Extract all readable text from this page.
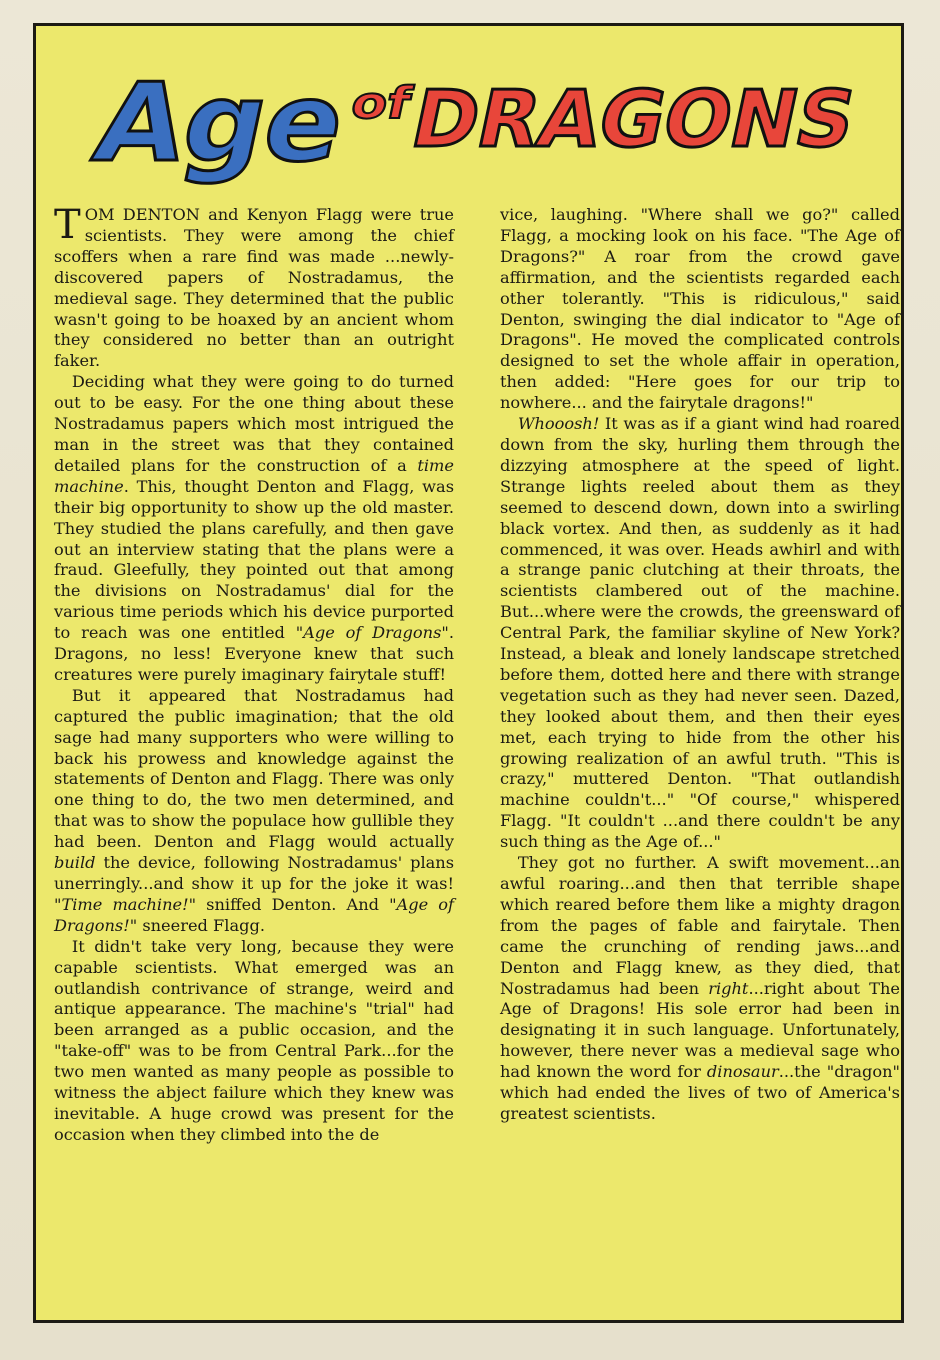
Age of
DRAGONS

TOM DENTON and Kenyon Flagg were true scientists. They were among the chief scoffers when a rare find was made ...newly-discovered papers of Nostradamus, the medieval sage. They determined that the public wasn't going to be hoaxed by an ancient whom they considered no better than an outright faker.

Deciding what they were going to do turned out to be easy. For the one thing about these Nostradamus papers which most intrigued the man in the street was that they contained detailed plans for the construction of a time machine. This, thought Denton and Flagg, was their big opportunity to show up the old master. They studied the plans carefully, and then gave out an interview stating that the plans were a fraud. Gleefully, they pointed out that among the divisions on Nostradamus' dial for the various time periods which his device purported to reach was one entitled "Age of Dragons". Dragons, no less! Everyone knew that such creatures were purely imaginary fairytale stuff!

But it appeared that Nostradamus had captured the public imagination; that the old sage had many supporters who were willing to back his prowess and knowledge against the statements of Denton and Flagg. There was only one thing to do, the two men determined, and that was to show the populace how gullible they had been. Denton and Flagg would actually build the device, following Nostradamus' plans unerringly...and show it up for the joke it was! "Time machine!" sniffed Denton. And "Age of Dragons!" sneered Flagg.

It didn't take very long, because they were capable scientists. What emerged was an outlandish contrivance of strange, weird and antique appearance. The machine's "trial" had been arranged as a public occasion, and the "take-off" was to be from Central Park...for the two men wanted as many people as possible to witness the abject failure which they knew was inevitable. A huge crowd was present for the occasion when they climbed into the de

vice, laughing. "Where shall we go?" called Flagg, a mocking look on his face. "The Age of Dragons?" A roar from the crowd gave affirmation, and the scientists regarded each other tolerantly. "This is ridiculous," said Denton, swinging the dial indicator to "Age of Dragons". He moved the complicated controls designed to set the whole affair in operation, then added: "Here goes for our trip to nowhere... and the fairytale dragons!"

Whooosh! It was as if a giant wind had roared down from the sky, hurling them through the dizzying atmosphere at the speed of light. Strange lights reeled about them as they seemed to descend down, down into a swirling black vortex. And then, as suddenly as it had commenced, it was over. Heads awhirl and with a strange panic clutching at their throats, the scientists clambered out of the machine. But...where were the crowds, the greensward of Central Park, the familiar skyline of New York? Instead, a bleak and lonely landscape stretched before them, dotted here and there with strange vegetation such as they had never seen. Dazed, they looked about them, and then their eyes met, each trying to hide from the other his growing realization of an awful truth. "This is crazy," muttered Denton. "That outlandish machine couldn't..." "Of course," whispered Flagg. "It couldn't ...and there couldn't be any such thing as the Age of..."

They got no further. A swift movement...an awful roaring...and then that terrible shape which reared before them like a mighty dragon from the pages of fable and fairytale. Then came the crunching of rending jaws...and Denton and Flagg knew, as they died, that Nostradamus had been right...right about The Age of Dragons! His sole error had been in designating it in such language. Unfortunately, however, there never was a medieval sage who had known the word for dinosaur...the "dragon" which had ended the lives of two of America's greatest scientists.
